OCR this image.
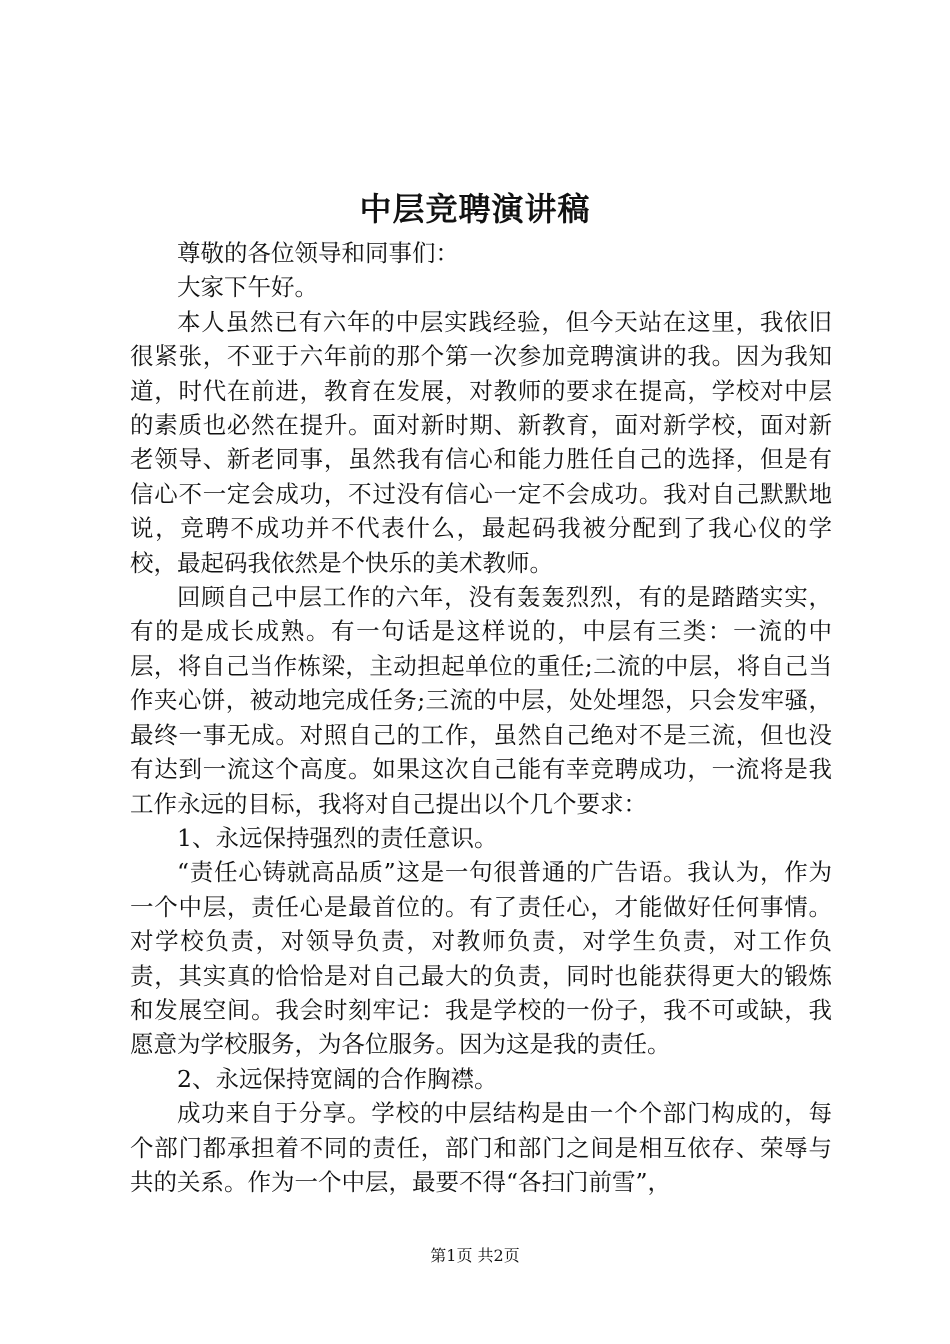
中层竞聘演讲稿

尊敬的各位领导和同事们：

大家下午好。

本人虽然已有六年的中层实践经验，但今天站在这里，我依旧很紧张，不亚于六年前的那个第一次参加竞聘演讲的我。因为我知道，时代在前进，教育在发展，对教师的要求在提高，学校对中层的素质也必然在提升。面对新时期、新教育，面对新学校，面对新老领导、新老同事，虽然我有信心和能力胜任自己的选择，但是有信心不一定会成功，不过没有信心一定不会成功。我对自己默默地说，竞聘不成功并不代表什么，最起码我被分配到了我心仪的学校，最起码我依然是个快乐的美术教师。

回顾自己中层工作的六年，没有轰轰烈烈，有的是踏踏实实，有的是成长成熟。有一句话是这样说的，中层有三类：一流的中层，将自己当作栋梁，主动担起单位的重任;二流的中层，将自己当作夹心饼，被动地完成任务;三流的中层，处处埋怨，只会发牢骚，最终一事无成。对照自己的工作，虽然自己绝对不是三流，但也没有达到一流这个高度。如果这次自己能有幸竞聘成功，一流将是我工作永远的目标，我将对自己提出以个几个要求：

1、永远保持强烈的责任意识。

“责任心铸就高品质”这是一句很普通的广告语。我认为，作为一个中层，责任心是最首位的。有了责任心，才能做好任何事情。对学校负责，对领导负责，对教师负责，对学生负责，对工作负责，其实真的恰恰是对自己最大的负责，同时也能获得更大的锻炼和发展空间。我会时刻牢记：我是学校的一份子，我不可或缺，我愿意为学校服务，为各位服务。因为这是我的责任。

2、永远保持宽阔的合作胸襟。

成功来自于分享。学校的中层结构是由一个个部门构成的，每个部门都承担着不同的责任，部门和部门之间是相互依存、荣辱与共的关系。作为一个中层，最要不得“各扫门前雪”，

第1页 共2页
